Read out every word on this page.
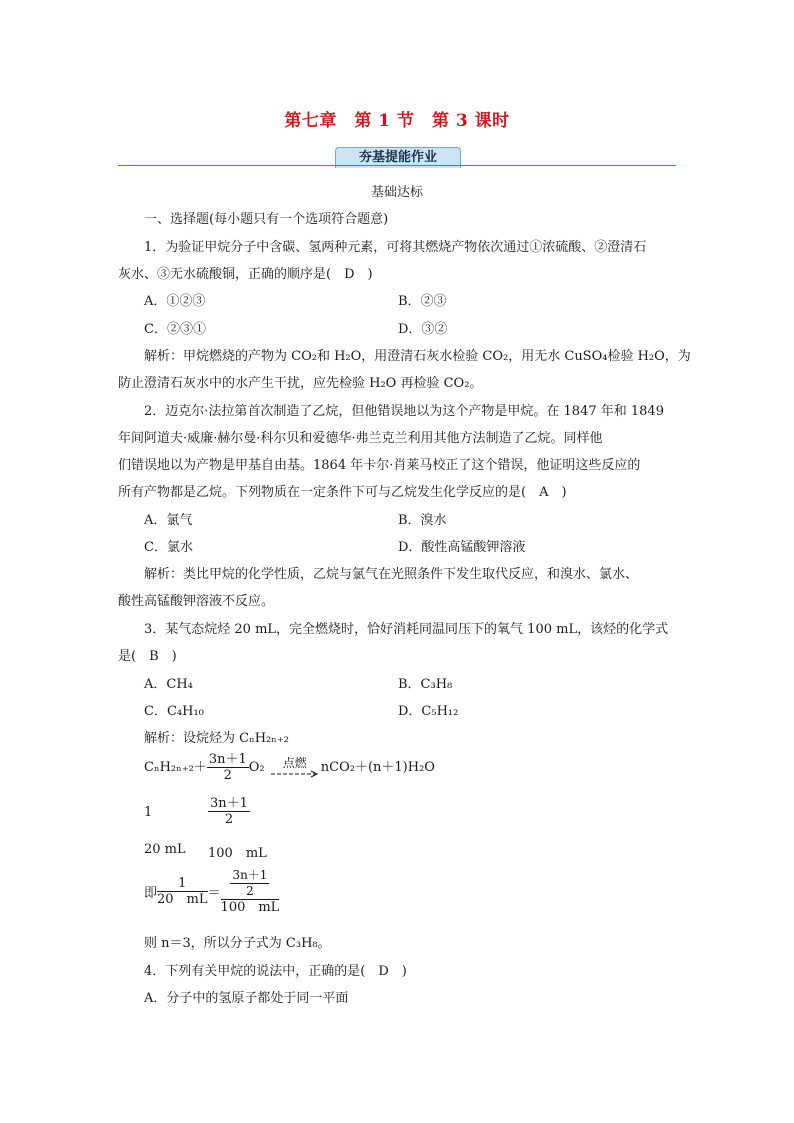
第七章　第 1 节　第 3 课时
夯基提能作业
基础达标
一、选择题(每小题只有一个选项符合题意)
1．为验证甲烷分子中含碳、氢两种元素，可将其燃烧产物依次通过①浓硫酸、②澄清石
灰水、③无水硫酸铜，正确的顺序是(　D　)
A．①②③	B．②③
C．②③①	D．③②
解析：甲烷燃烧的产物为 CO₂和 H₂O，用澄清石灰水检验 CO₂，用无水 CuSO₄检验 H₂O，为
防止澄清石灰水中的水产生干扰，应先检验 H₂O 再检验 CO₂。
2．迈克尔·法拉第首次制造了乙烷，但他错误地以为这个产物是甲烷。在 1847 年和 1849
年间阿道夫·威廉·赫尔曼·科尔贝和爱德华·弗兰克兰利用其他方法制造了乙烷。同样他
们错误地以为产物是甲基自由基。1864 年卡尔·肖莱马校正了这个错误，他证明这些反应的
所有产物都是乙烷。下列物质在一定条件下可与乙烷发生化学反应的是(　A　)
A．氯气	B．溴水
C．氯水	D．酸性高锰酸钾溶液
解析：类比甲烷的化学性质，乙烷与氯气在光照条件下发生取代反应，和溴水、氯水、
酸性高锰酸钾溶液不反应。
3．某气态烷烃 20 mL，完全燃烧时，恰好消耗同温同压下的氧气 100 mL，该烃的化学式
是(　B　)
A．CH₄	B．C₃H₈
C．C₄H₁₀	D．C₅H₁₂
解析：设烷烃为 CₙH₂ₙ₊₂
$C_nH_{2n+2}+ \frac{3n+1}{2} O_2$	点燃	nCO₂＋(n＋1)H₂O
1	$\frac{3n+1}{2}$
20 mL 100　mL
即 $\frac{1}{20 mL} = \frac{\frac{3n+1}{2}}{100 mL}$
则 n＝3，所以分子式为 C₃H₈。
4．下列有关甲烷的说法中，正确的是(　D　)
A．分子中的氢原子都处于同一平面
